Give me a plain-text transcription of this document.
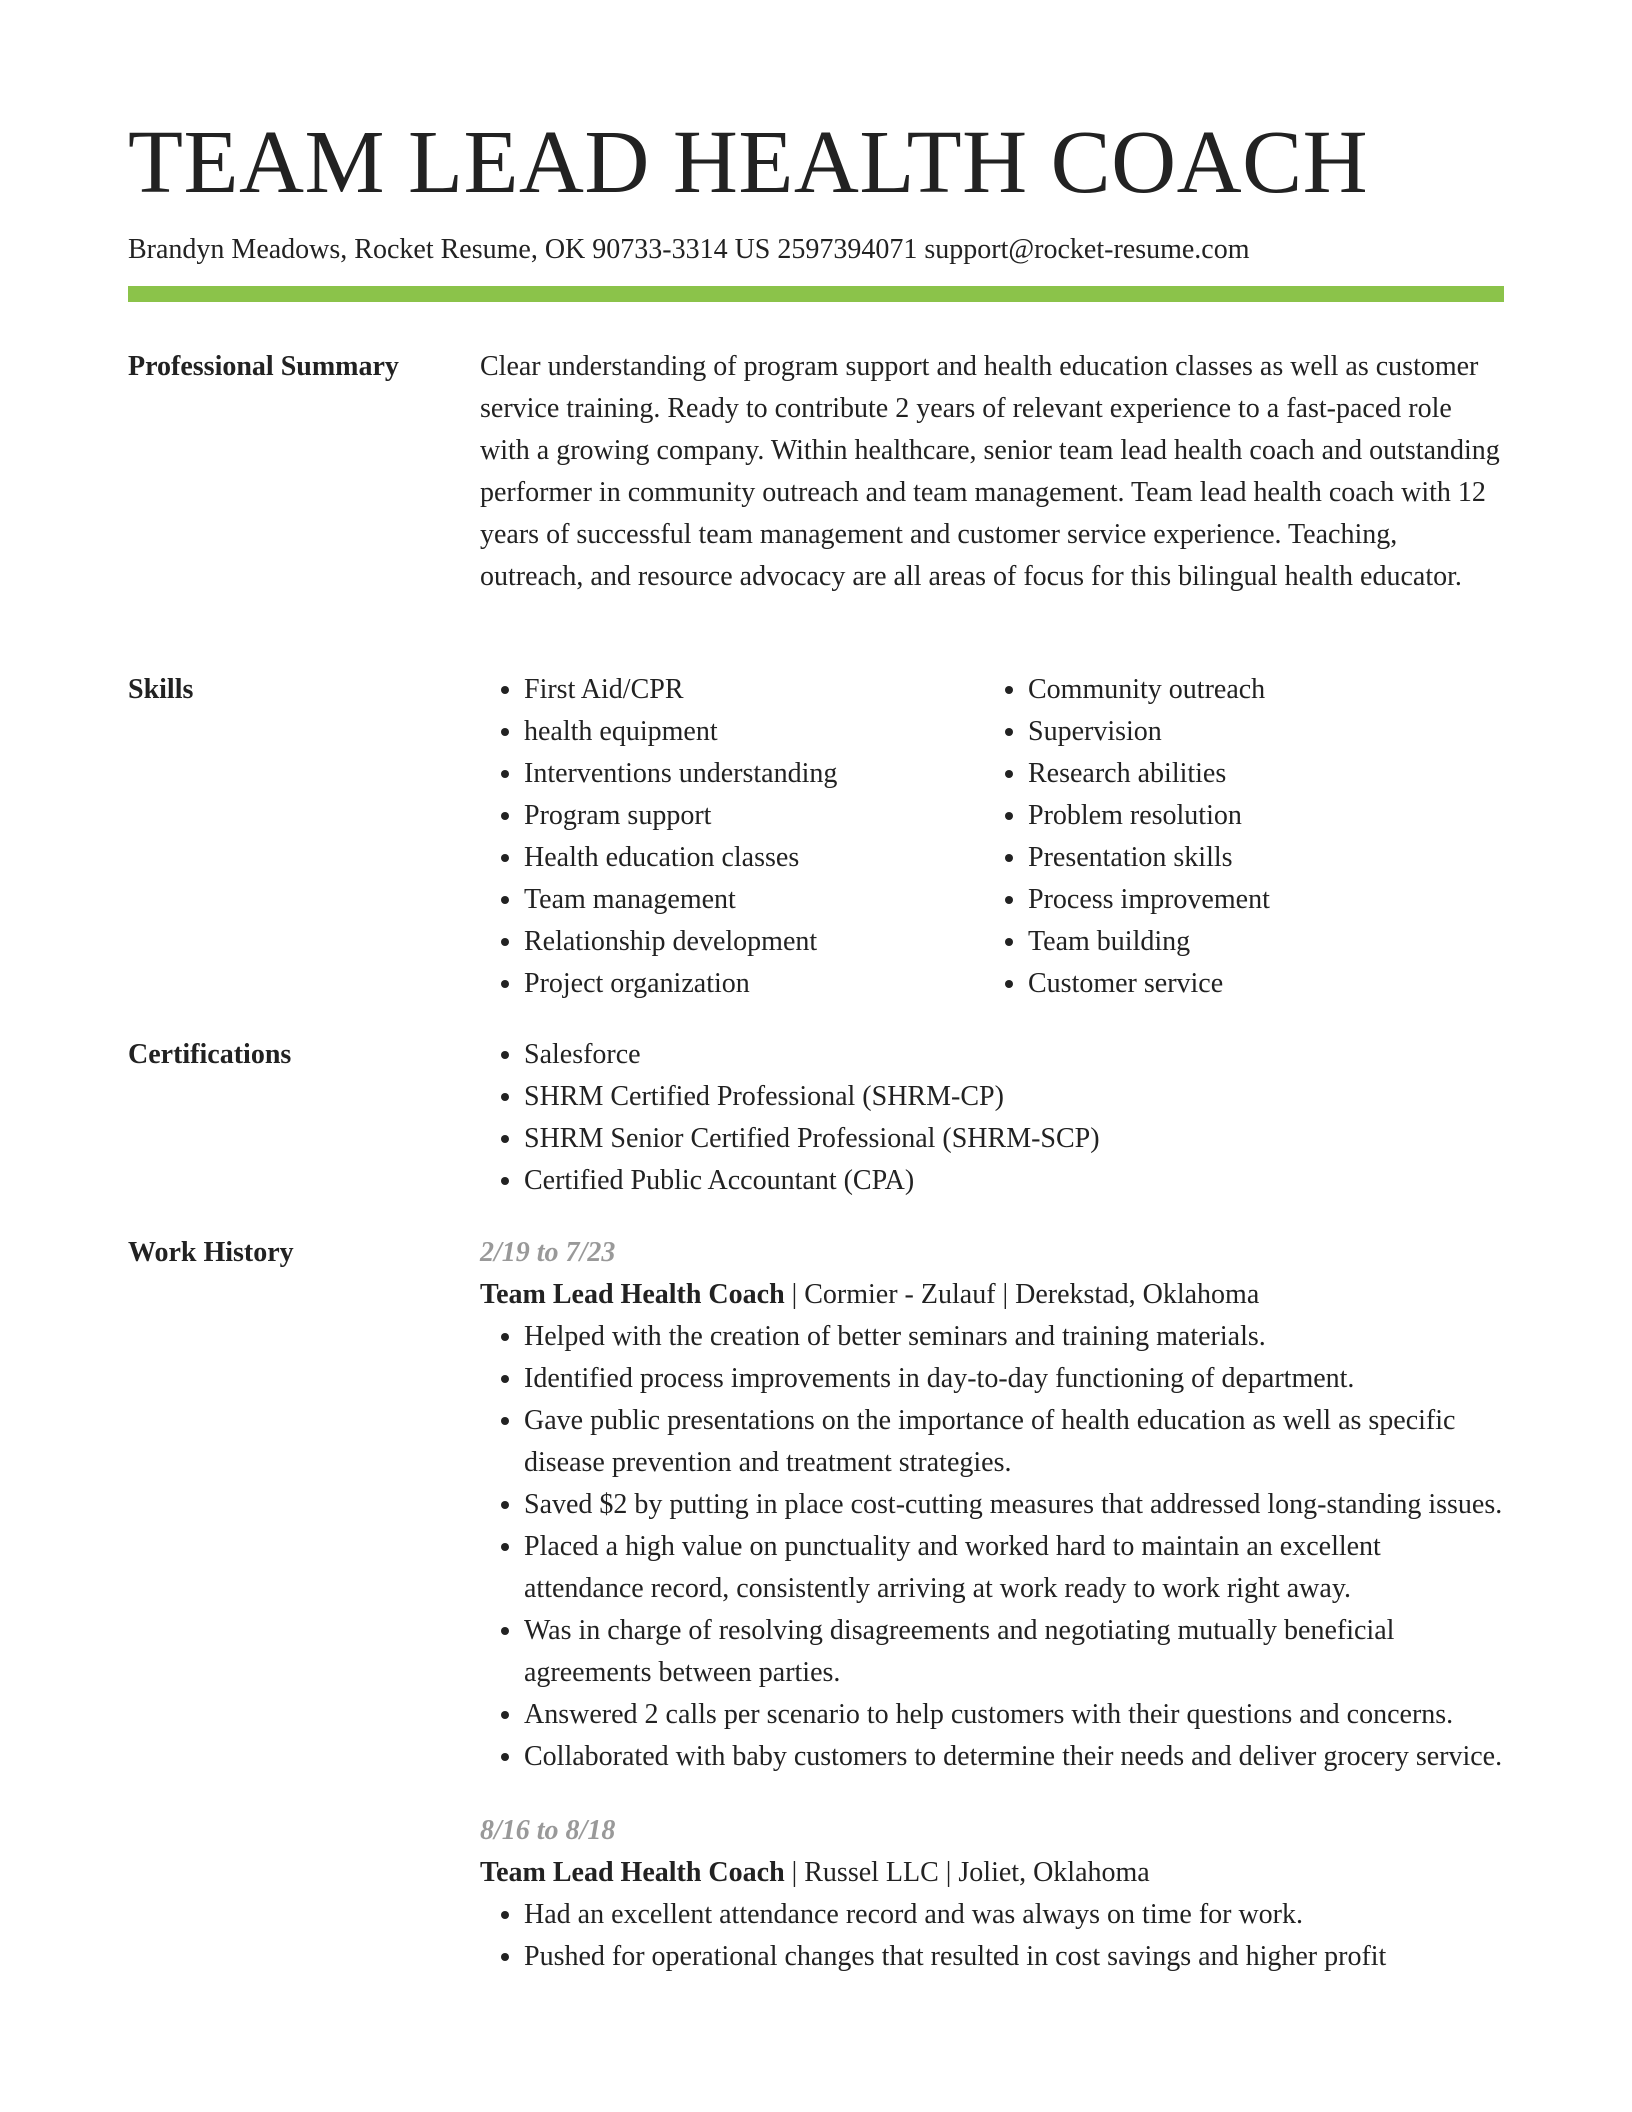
TEAM LEAD HEALTH COACH
Brandyn Meadows, Rocket Resume, OK 90733-3314 US 2597394071 support@rocket-resume.com
Professional Summary	Clear understanding of program support and health education classes as well as customer service training. Ready to contribute 2 years of relevant experience to a fast-paced role with a growing company. Within healthcare, senior team lead health coach and outstanding performer in community outreach and team management. Team lead health coach with 12 years of successful team management and customer service experience. Teaching, outreach, and resource advocacy are all areas of focus for this bilingual health educator.

Skills	• First Aid/CPR
• health equipment
• Interventions understanding
• Program support
• Health education classes
• Team management
• Relationship development
• Project organization
• Community outreach
• Supervision
• Research abilities
• Problem resolution
• Presentation skills
• Process improvement
• Team building
• Customer service
Certifications	• Salesforce
• SHRM Certified Professional (SHRM-CP)
• SHRM Senior Certified Professional (SHRM-SCP)
• Certified Public Accountant (CPA)
Work History	2/19 to 7/23
Team Lead Health Coach | Cormier - Zulauf | Derekstad, Oklahoma
• Helped with the creation of better seminars and training materials.
• Identified process improvements in day-to-day functioning of department.
• Gave public presentations on the importance of health education as well as specific disease prevention and treatment strategies.
• Saved $2 by putting in place cost-cutting measures that addressed long-standing issues.
• Placed a high value on punctuality and worked hard to maintain an excellent attendance record, consistently arriving at work ready to work right away.
• Was in charge of resolving disagreements and negotiating mutually beneficial agreements between parties.
• Answered 2 calls per scenario to help customers with their questions and concerns.
• Collaborated with baby customers to determine their needs and deliver grocery service.
8/16 to 8/18
Team Lead Health Coach | Russel LLC | Joliet, Oklahoma
• Had an excellent attendance record and was always on time for work.
• Pushed for operational changes that resulted in cost savings and higher profit
